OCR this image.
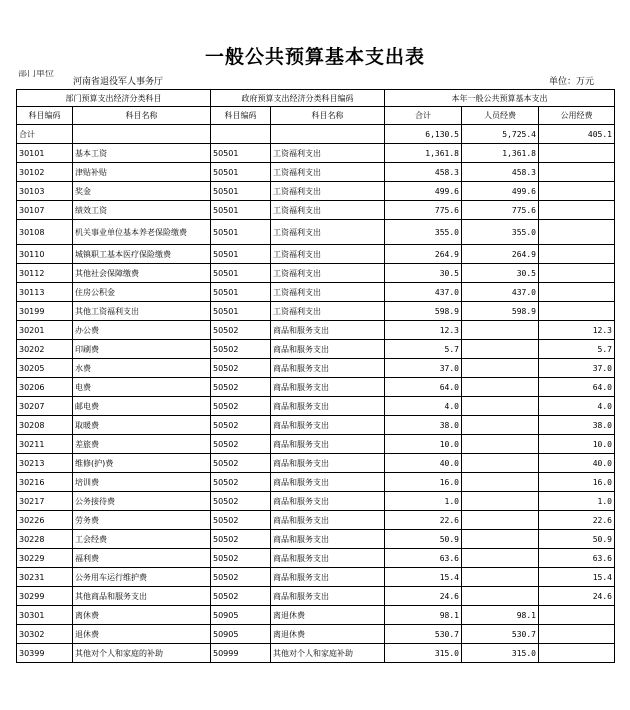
一般公共预算基本支出表
部门单位
河南省退役军人事务厅	单位：万元
部门预算支出经济分类科目		政府预算支出经济分类科目编码		本年一般公共预算基本支出		
科目编码	科目名称	科目编码	科目名称	合计	人员经费	公用经费
合计				6,130.5	5,725.4	405.1
30101	基本工资	50501	工资福利支出	1,361.8	1,361.8	
30102	津贴补贴	50501	工资福利支出	458.3	458.3	
30103	奖金	50501	工资福利支出	499.6	499.6	
30107	绩效工资	50501	工资福利支出	775.6	775.6	
30108	机关事业单位基本养老保险缴费	50501	工资福利支出	355.0	355.0	
30110	城镇职工基本医疗保险缴费	50501	工资福利支出	264.9	264.9	
30112	其他社会保障缴费	50501	工资福利支出	30.5	30.5	
30113	住房公积金	50501	工资福利支出	437.0	437.0	
30199	其他工资福利支出	50501	工资福利支出	598.9	598.9	
30201	办公费	50502	商品和服务支出	12.3		12.3
30202	印刷费	50502	商品和服务支出	5.7		5.7
30205	水费	50502	商品和服务支出	37.0		37.0
30206	电费	50502	商品和服务支出	64.0		64.0
30207	邮电费	50502	商品和服务支出	4.0		4.0
30208	取暖费	50502	商品和服务支出	38.0		38.0
30211	差旅费	50502	商品和服务支出	10.0		10.0
30213	维修(护)费	50502	商品和服务支出	40.0		40.0
30216	培训费	50502	商品和服务支出	16.0		16.0
30217	公务接待费	50502	商品和服务支出	1.0		1.0
30226	劳务费	50502	商品和服务支出	22.6		22.6
30228	工会经费	50502	商品和服务支出	50.9		50.9
30229	福利费	50502	商品和服务支出	63.6		63.6
30231	公务用车运行维护费	50502	商品和服务支出	15.4		15.4
30299	其他商品和服务支出	50502	商品和服务支出	24.6		24.6
30301	离休费	50905	离退休费	98.1	98.1	
30302	退休费	50905	离退休费	530.7	530.7	
30399	其他对个人和家庭的补助	50999	其他对个人和家庭补助	315.0	315.0	
